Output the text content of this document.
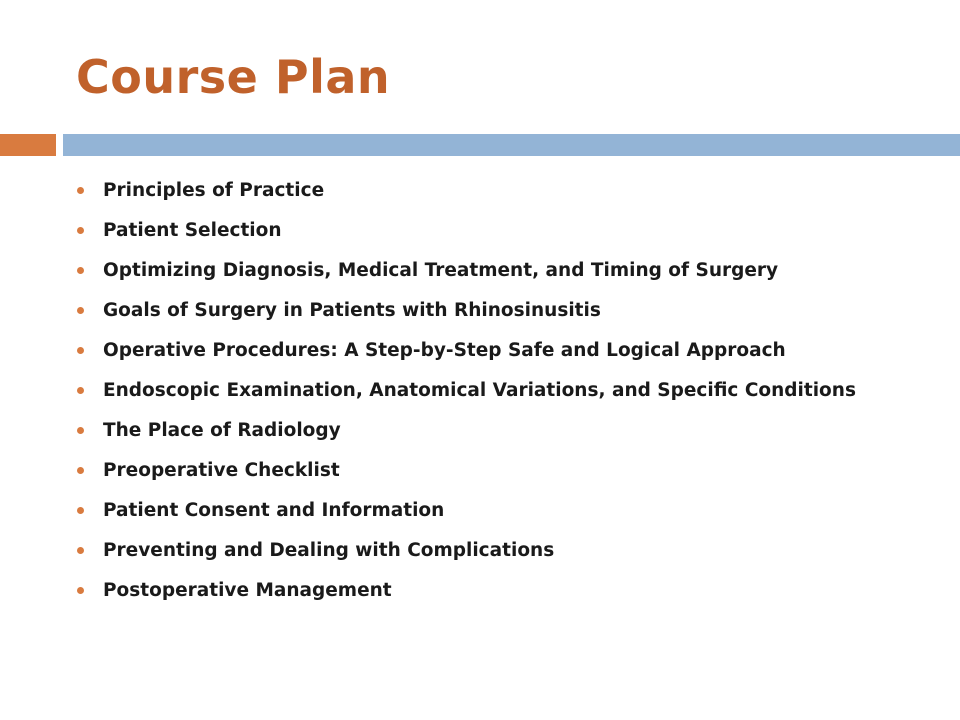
Course Plan
Principles of Practice
Patient Selection
Optimizing Diagnosis, Medical Treatment, and Timing of Surgery
Goals of Surgery in Patients with Rhinosinusitis
Operative Procedures: A Step-by-Step Safe and Logical Approach
Endoscopic Examination, Anatomical Variations, and Specific Conditions
The Place of Radiology
Preoperative Checklist
Patient Consent and Information
Preventing and Dealing with Complications
Postoperative Management
